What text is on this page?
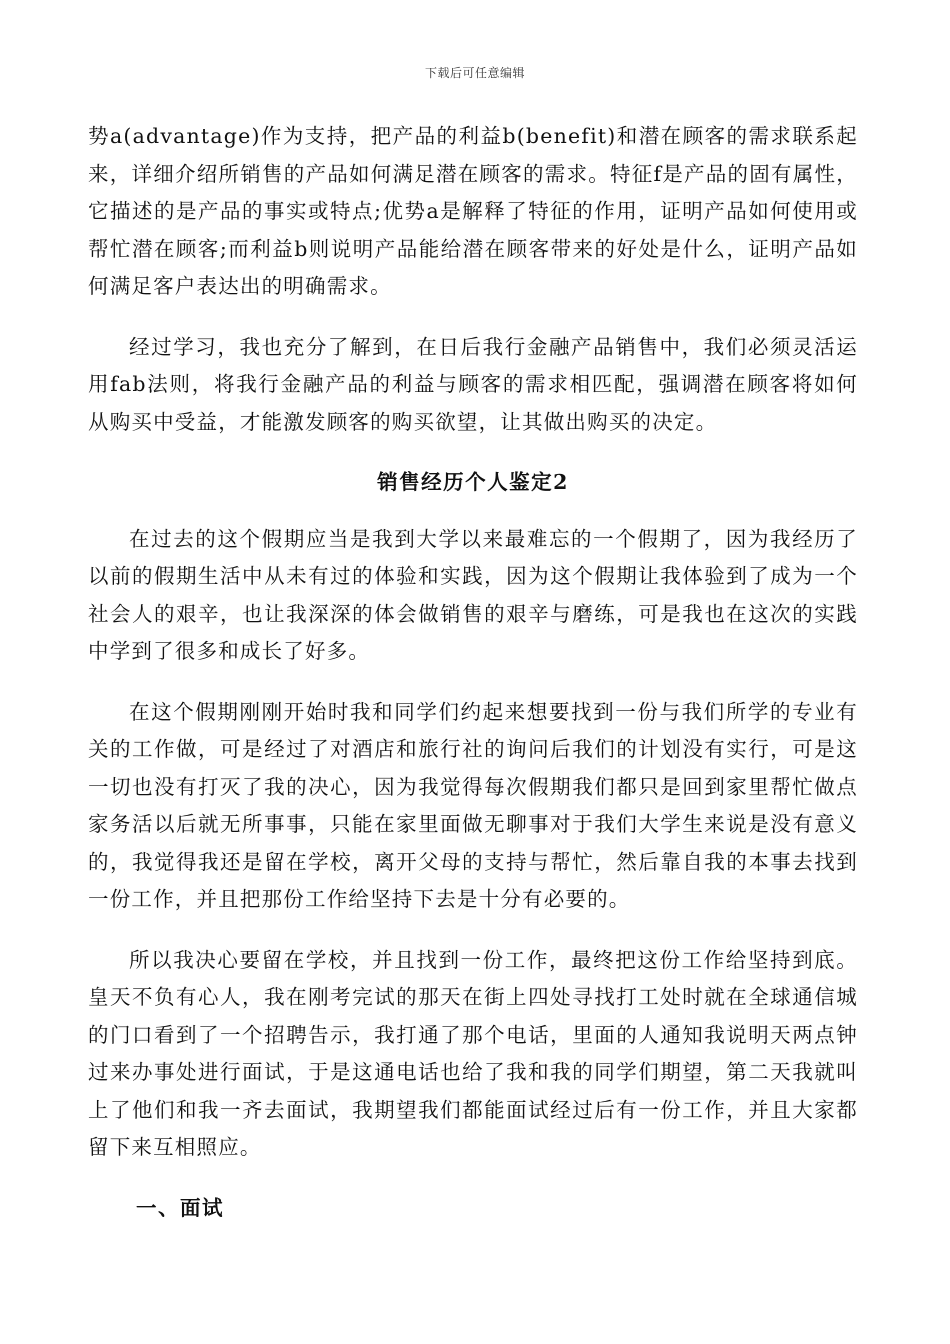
下载后可任意编辑

势a(advantage)作为支持，把产品的利益b(benefit)和潜在顾客的需求联系起来，详细介绍所销售的产品如何满足潜在顾客的需求。特征f是产品的固有属性，它描述的是产品的事实或特点;优势a是解释了特征的作用，证明产品如何使用或帮忙潜在顾客;而利益b则说明产品能给潜在顾客带来的好处是什么，证明产品如何满足客户表达出的明确需求。

经过学习，我也充分了解到，在日后我行金融产品销售中，我们必须灵活运用fab法则，将我行金融产品的利益与顾客的需求相匹配，强调潜在顾客将如何从购买中受益，才能激发顾客的购买欲望，让其做出购买的决定。

销售经历个人鉴定2

在过去的这个假期应当是我到大学以来最难忘的一个假期了，因为我经历了以前的假期生活中从未有过的体验和实践，因为这个假期让我体验到了成为一个社会人的艰辛，也让我深深的体会做销售的艰辛与磨练，可是我也在这次的实践中学到了很多和成长了好多。

在这个假期刚刚开始时我和同学们约起来想要找到一份与我们所学的专业有关的工作做，可是经过了对酒店和旅行社的询问后我们的计划没有实行，可是这一切也没有打灭了我的决心，因为我觉得每次假期我们都只是回到家里帮忙做点家务活以后就无所事事，只能在家里面做无聊事对于我们大学生来说是没有意义的，我觉得我还是留在学校，离开父母的支持与帮忙，然后靠自我的本事去找到一份工作，并且把那份工作给坚持下去是十分有必要的。

所以我决心要留在学校，并且找到一份工作，最终把这份工作给坚持到底。皇天不负有心人，我在刚考完试的那天在街上四处寻找打工处时就在全球通信城的门口看到了一个招聘告示，我打通了那个电话，里面的人通知我说明天两点钟过来办事处进行面试，于是这通电话也给了我和我的同学们期望，第二天我就叫上了他们和我一齐去面试，我期望我们都能面试经过后有一份工作，并且大家都留下来互相照应。

一、面试
